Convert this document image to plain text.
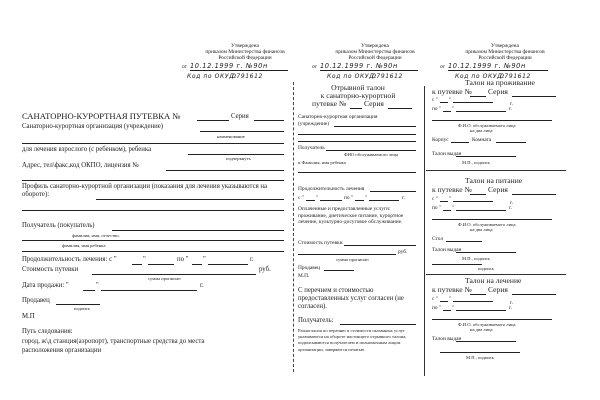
Утверждена
приказом Министерства финансов
Российской Федерации
от 10.12.1999 г. №90н
Код по ОКУД:
0791612
Утверждена
приказом Министерства финансов
Российской Федерации
от 10.12.1999 г. №90н
Код по ОКУД:
0791612
Утверждена
приказом Министерства финансов
Российской Федерации
от 10.12.1999 г. №90н
Код по ОКУД:
0791612
САНАТОРНО-КУРОРТНАЯ ПУТЕВКА №	Серия
Санаторно-курортная организация (учреждение)
наименование
для лечения взрослого (с ребенком), ребенка
подчеркнуть
Адрес, тел\факс,код ОКПО, лицензия №
Профиль санаторно-курортной организации (показания для лечения указываются на обороте):
Получатель (покупатель)
фамилия, имя, отчество,
фамилия, имя ребенка
Продолжительность лечения: с "	"	по " "	г.
Стоимость путевки	руб.
сумма прописью
Дата продажи: "	"	г.
Продавец
подпись
М.П
Путь следования:
город, ж\д станция(аэропорт), транспортные средства до места
расположения организации
Отрывной талон
к санаторно-курортной
путевке № Серия
Санаторно-курортная организация
(учреждение)
Получатель
ФИО обслуживаемого лица
и Фамилия, имя ребенка
Продолжительность лечения
с " "	по " "	г.
Оплаченные и предоставленные услуги:
проживание, диетическое питание, курортное лечение, культурно-досуговое обслуживание.
Стоимость путевки
руб.
сумма прописью
Продавец
М.П.
С перечнем и стоимостью предоставленных услуг согласен (не согласен).
Получатель:
Разногласия по перечню и стоимости оказанных услуг указываются на обороте настоящего отрывного талона, подписываются получателем и полномочным лицом организации, заверяются печатью
Талон на проживание
к путевке № Серия
с " "
г.
по " "	г.
Ф.И.О. обслуживаемого лица
на два лица
Корпус	Комната
Талон выдан
М.П., подпись
Талон на питание
к путевке № Серия
с " "
г.
по " "	г.
Ф.И.О. обслуживаемого лица
на два лица
Стол
Талон выдан
М.П., подпись
подпись
Талон на лечение
к путевке № Серия
с " "
г.
по " "	г.
Ф.И.О. обслуживаемого лица
на два лица
Талон выдан
М.П., подпись
